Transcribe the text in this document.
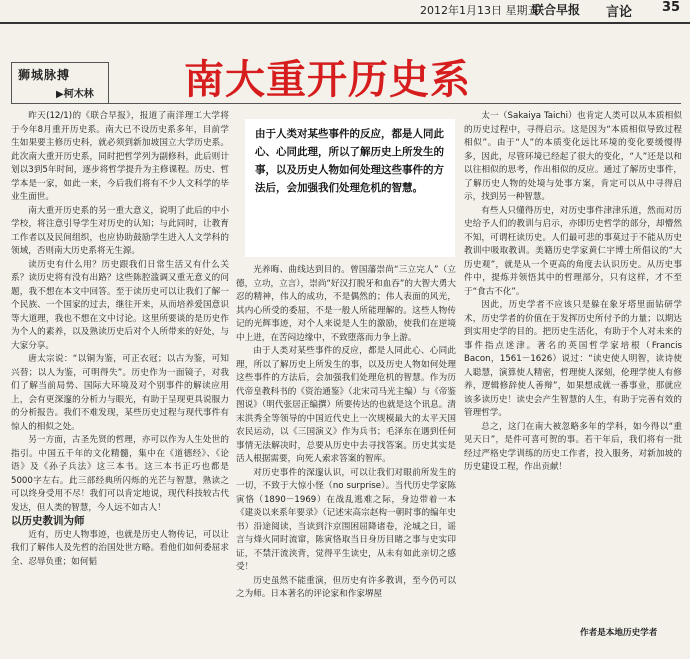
2012年1月13日 星期五
联合早报 言论 35
狮城脉搏
▶柯木林 南大重开历史系

昨天(12/1)的《联合早报》，报道了南洋理工大学将于今年8月重开历史系。南大已不设历史系多年，目前学生如果要主修历史科，就必须到新加坡国立大学历史系。此次南大重开历史系，同时把哲学列为副修科，此后则计划以3到5年时间，逐步将哲学提升为主修课程。历史、哲学本是一家，如此一来，今后我们将有不少人文科学的毕业生面世。

南大重开历史系的另一重大意义，说明了此后的中小学校，将注意引导学生对历史的认知；与此同时，让教育工作者以及民间组织，也应协助鼓励学生进入人文学科的领域，否则南大历史系将无生源。

读历史有什么用？历史跟我们日常生活又有什么关系？读历史将有没有出路？这些陈腔滥调又重无意义的问题，我不想在本文中回答。至于读历史可以让我们了解一个民族、一个国家的过去，继往开来，从而培养爱国意识等大道理，我也不想在文中讨论。这里所要谈的是历史作为个人的素养，以及熟读历史后对个人所带来的好处，与大家分享。

唐太宗说：“以铜为鉴，可正衣冠；以古为鉴，可知兴替；以人为鉴，可明得失”。历史作为一面镜子，对我们了解当前局势、国际大环境及对个别事件的解读应用上，会有更深邃的分析力与眼光，有助于呈现更具说服力的分析报告。我们不难发现，某些历史过程与现代事件有惊人的相似之处。

另一方面，古圣先贤的哲理，亦可以作为人生处世的指引。中国五千年的文化精髓，集中在《道德经》、《论语》及《孙子兵法》这三本书。这三本书正巧也都是5000字左右。此三部经典所闪烁的光芒与智慧，熟读之可以终身受用不尽！我们可以肯定地说，现代科技较古代发达，但人类的智慧，今人远不如古人！

以历史教训为师

近有，历史人物事迹，也就是历史人物传记，可以让我们了解伟人及先哲的治国处世方略。看他们如何委屈求全、忍辱负重；如何韬

由于人类对某些事件的反应，都是人同此心、心同此理，所以了解历史上所发生的事，以及历史人物如何处理这些事件的方法后，会加强我们处理危机的智慧。

光养晦、曲线达到目的。曾国藩崇尚“三立完人”（立德，立功，立言），崇尚“好汉打脱牙和血吞”的大智大勇大忍的精神，伟人的成功，不是偶然的；伟人表面的风光，其内心所受的委屈，不是一般人所能理解的。这些人物传记的光辉事迹，对个人来说是人生的激励，使我们在逆境中上进，在苦闷边缘中，不致堕落而力争上游。

由于人类对某些事件的反应，都是人同此心、心同此理，所以了解历史上所发生的事，以及历史人物如何处理这些事件的方法后，会加强我们处理危机的智慧。作为历代帝皇教科书的《资治通鉴》（北宋司马光主编）与《帝鉴图说》（明代张居正编撰）所要传达的也就是这个讯息。清末洪秀全等领导的中国近代史上一次规模最大的太平天国农民运动，以《三国演义》作为兵书；毛泽东在遇到任何事情无法解决时，总要从历史中去寻找答案。历史其实是活人根据需要，向死人索求答案的智库。

对历史事件的深邃认识，可以让我们对眼前所发生的一切，不致于大惊小怪（no surprise）。当代历史学家陈寅恪（1890－1969）在战乱逃难之际，身边带着一本《建炎以来系年要录》（记述宋高宗赵构一朝时事的编年史书）沿途阅读，当读到汴京围困屈降诸卷，沦城之日，谣言与烽火同时流窜，陈寅恪取当日身历目睹之事与史实印证，不禁汗流浃背，觉得平生读史，从未有如此亲切之感受！

历史虽然不能重演，但历史有许多教训，至今仍可以之为师。日本著名的评论家和作家堺屋

太一（Sakaiya Taichi）也肯定人类可以从本质相似的历史过程中，寻得启示。这是因为“本质相似导致过程相似”。由于“人”的本质变化远比环境的变化要缓慢得多，因此，尽管环境已经起了很大的变化，“人”还是以和以往相似的思考，作出相似的反应。通过了解历史事件，了解历史人物的处境与处事方案，肯定可以从中寻得启示，找到另一种智慧。

有些人只懂得历史，对历史事件津津乐道，然而对历史给予人们的教训与启示，亦即历史哲学的部分，却懵然不知，可谓枉读历史。人们最可悲的事莫过于不能从历史教训中吸取教训。美籍历史学家黄仁宇博士所倡议的“大历史观”，就是从一个更高的角度去认识历史。从历史事件中，提炼并领悟其中的哲理部分，只有这样，才不至于“食古不化”。

因此，历史学者不应该只是躲在象牙塔里面钻研学术，历史学者的价值在于发挥历史所付予的力量；以期达到实用史学的目的。把历史生活化，有助于个人对未来的事件指点迷津。著名的英国哲学家培根（Francis Bacon，1561－1626）说过：“读史使人明智，读诗使人聪慧，演算使人精密，哲理使人深刻，伦理学使人有修养，逻辑修辞使人善辩”，如果想成就一番事业，那就应该多读历史！读史会产生智慧的人生，有助于完善有效的管理哲学。

总之，这门在南大被忽略多年的学科，如今得以“重见天日”，是件可喜可贺的事。若干年后，我们将有一批经过严格史学训练的历史工作者，投入服务，对新加坡的历史建设工程，作出贡献！

作者是本地历史学者
